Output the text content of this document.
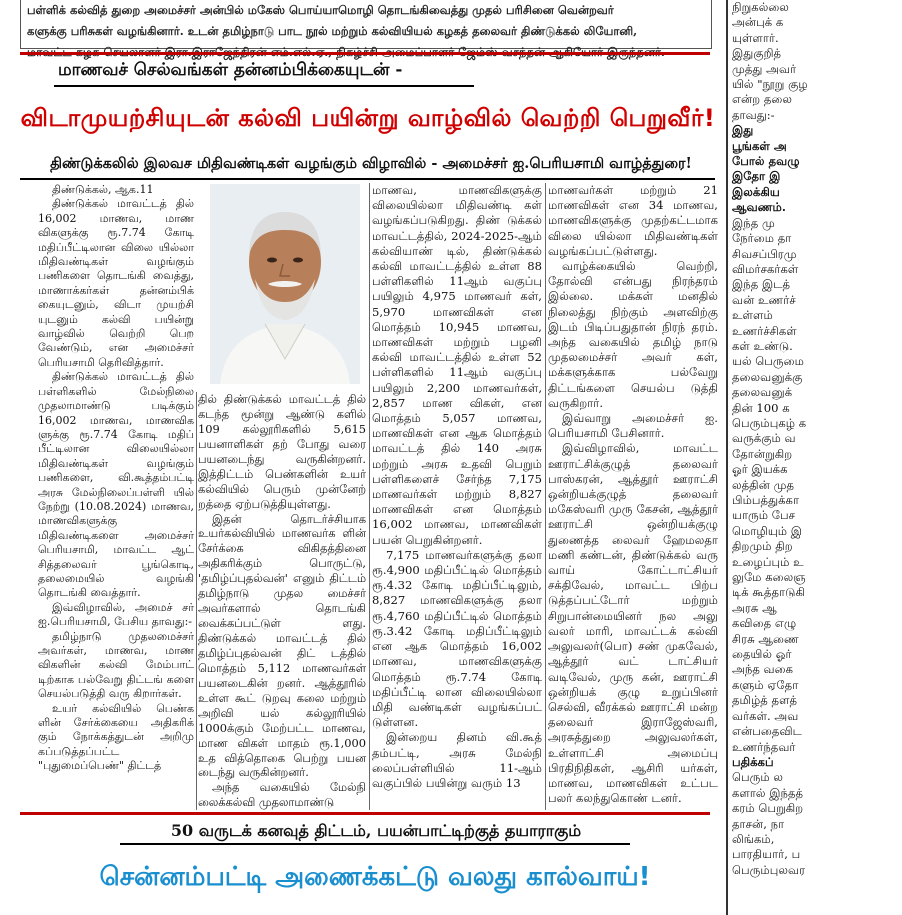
பள்ளிக் கல்வித் துறை அமைச்சர் அன்பில் மகேஸ் பொய்யாமொழி தொடங்கிவைத்து முதல் பரிசினை வென்றவர்

களுக்கு பரிசுகள் வழங்கினார். உடன் தமிழ்நாடு பாட நூல் மற்றும் கல்வியியல் கழகத் தலைவர் திண்டுக்கல் லியோனி,

மாணவச் செல்வங்கள் தன்னம்பிக்கையுடன் -
விடாமுயற்சியுடன் கல்வி பயின்று வாழ்வில் வெற்றி பெறுவீர்!
திண்டுக்கலில் இலவச மிதிவண்டிகள் வழங்கும் விழாவில் - அமைச்சர் ஐ.பெரியசாமி வாழ்த்துரை!

திண்டுக்கல், ஆக.11

திண்டுக்கல் மாவட்டத் தில் 16,002 மாணவ, மாண விகளுக்கு ரூ.7.74 கோடி மதிப்பீட்டிலான விலை யில்லா மிதிவண்டிகள் வழங்கும் பணிகளை தொடங்கி வைத்து, மாணாக்கர்கள் தன்னம்பிக் கையுடனும், விடா முயற்சி யுடனும் கல்வி பயின்று வாழ்வில் வெற்றி பெற வேண்டும், என அமைச்சர் பெரியசாமி தெரிவித்தார்.

திண்டுக்கல் மாவட்டத் தில் பள்ளிகளில் மேல்நிலை முதலாமாண்டு படிக்கும் 16,002 மாணவ, மாணவிக ளுக்கு ரூ.7.74 கோடி மதிப் பீட்டிலான விலையில்லா மிதிவண்டிகள் வழங்கும் பணிகளை, வி.கூத்தம்பட்டி அரசு மேல்நிலைப்பள்ளி யில் நேற்று (10.08.2024) மாணவ, மாணவிகளுக்கு மிதிவண்டிகளை அமைச்சர் பெரியசாமி, மாவட்ட ஆட் சித்தலைவர் பூங்கொடி, தலைமையில் வழங்கி தொடங்கி வைத்தார்.

இவ்விழாவில், அமைச் சர் ஐ.பெரியசாமி, பேசிய தாவது:-

தமிழ்நாடு முதலமைச்சர் அவர்கள், மாணவ, மாண விகளின் கல்வி மேம்பாட் டிற்காக பல்வேறு திட்டங் களை செயல்படுத்தி வரு கிறார்கள்.

உயர் கல்வியில் பெண்க ளின் சேர்க்கையை அதிகரிக் கும் நோக்கத்துடன் அறிமு கப்படுத்தப்பட்ட "புதுமைப்பெண்" திட்டத்

தில் திண்டுக்கல் மாவட்டத் தில் கடந்த மூன்று ஆண்டு களில் 109 கல்லூரிகளில் 5,615 பயனாளிகள் தற் போது வரை பயனடைந்து வருகின்றனர். இத்திட்டம் பெண்களின் உயர் கல்வியில் பெரும் முன்னேற் றத்தை ஏற்படுத்தியுள்ளது.

இதன் தொடர்ச்சியாக உயர்கல்வியில் மாணவர்க ளின் சேர்க்கை விகிதத்தினை அதிகரிக்கும் பொருட்டு, 'தமிழ்ப்புதல்வன்' எனும் திட்டம் தமிழ்நாடு முதல மைச்சர் அவர்களால் தொடங்கி வைக்கப்பட்டுள் ளது. திண்டுக்கல் மாவட்டத் தில் தமிழ்ப்புதல்வன் திட் டத்தில் மொத்தம் 5,112 மாணவர்கள் பயனடைகின் றனர். ஆத்தூரில் உள்ள கூட் டுறவு கலை மற்றும் அறிவி யல் கல்லூரியில் 1000க்கும் மேற்பட்ட மாணவ, மாண விகள் மாதம் ரூ.1,000 உத வித்தொகை பெற்று பயன டைந்து வருகின்றனர்.

அந்த வகையில் மேல்நி லைக்கல்வி முதலாமாண்டு

மாணவ, மாணவிகளுக்கு விலையில்லா மிதிவண்டி கள் வழங்கப்படுகிறது. திண் டுக்கல் மாவட்டத்தில், 2024-2025-ஆம் கல்வியாண் டில், திண்டுக்கல் கல்வி மாவட்டத்தில் உள்ள 88 பள்ளிகளில் 11ஆம் வகுப்பு பயிலும் 4,975 மாணவர் கள், 5,970 மாணவிகள் என மொத்தம் 10,945 மாணவ, மாணவிகள் மற்றும் பழனி கல்வி மாவட்டத்தில் உள்ள 52 பள்ளிகளில் 11ஆம் வகுப்பு பயிலும் 2,200 மாணவர்கள், 2,857 மாண விகள், என மொத்தம் 5,057 மாணவ, மாணவிகள் என ஆக மொத்தம் மாவட்டத் தில் 140 அரசு மற்றும் அரசு உதவி பெறும் பள்ளிகளைச் சேர்ந்த 7,175 மாணவர்கள் மற்றும் 8,827 மாணவிகள் என மொத்தம் 16,002 மாணவ, மாணவிகள் பயன் பெறுகின்றனர்.

7,175 மாணவர்களுக்கு தலா ரூ.4,900 மதிப்பீட்டில் மொத்தம் ரூ.4.32 கோடி மதிப்பீட்டிலும், 8,827 மாணவிகளுக்கு தலா ரூ.4,760 மதிப்பீட்டில் மொத்தம் ரூ.3.42 கோடி மதிப்பீட்டிலும் என ஆக மொத்தம் 16,002 மாணவ, மாணவிகளுக்கு மொத்தம் ரூ.7.74 கோடி மதிப்பீட்டி லான விலையில்லா மிதி வண்டிகள் வழங்கப்பட் டுள்ளன.

இன்றைய தினம் வி.கூத் தம்பட்டி, அரசு மேல்நி லைப்பள்ளியில் 11-ஆம் வகுப்பில் பயின்று வரும் 13

மாணவர்கள் மற்றும் 21 மாணவிகள் என 34 மாணவ, மாணவிகளுக்கு முதற்கட்டமாக விலை யில்லா மிதிவண்டிகள் வழங்கப்பட்டுள்ளது.

வாழ்க்கையில் வெற்றி, தோல்வி என்பது நிரந்தரம் இல்லை. மக்கள் மனதில் நிலைத்து நிற்கும் அளவிற்கு இடம் பிடிப்பதுதான் நிரந் தரம். அந்த வகையில் தமிழ் நாடு முதலமைச்சர் அவர் கள், மக்களுக்காக பல்வேறு திட்டங்களை செயல்ப டுத்தி வருகிறார்.

இவ்வாறு அமைச்சர் ஐ. பெரியசாமி பேசினார்.

இவ்விழாவில், மாவட்ட ஊராட்சிக்குழுத் தலைவர் பாஸ்கரன், ஆத்தூர் ஊராட்சி ஒன்றியக்குழுத் தலைவர் மகேஸ்வரி முரு கேசன், ஆத்தூர் ஊராட்சி ஒன்றியக்குழு துணைத்த லைவர் ஹேமலதா மணி கண்டன், திண்டுக்கல் வரு வாய் கோட்டாட்சியர் சக்திவேல், மாவட்ட பிற்ப டுத்தப்பட்டோர் மற்றும் சிறுபான்மையினர் நல அலு வலர் மாரி, மாவட்டக் கல்வி அலுவலர்(பொ) சண் முகவேல், ஆத்தூர் வட் டாட்சியர் வடிவேல், முரு கன், ஊராட்சி ஒன்றியக் குழு உறுப்பினர் செல்வி, வீரக்கல் ஊராட்சி மன்ற தலைவர் இராஜேஸ்வரி, அரசுத்துறை அலுவலர்கள், உள்ளாட்சி அமைப்பு பிரதிநிதிகள், ஆசிரி யர்கள், மாணவ, மாணவிகள் உட்பட பலர் கலந்துகொண் டனர்.

50 வருடக் கனவுத் திட்டம், பயன்பாட்டிற்குத் தயாராகும்
சென்னம்பட்டி அணைக்கட்டு வலது கால்வாய்!

நிறுகல்லை

அன்புக் க

யுள்ளார்.

இதுகுறித்

முத்து அவர்

யில் "நூறு குழ

என்ற தலை

தாவது:-

இது

பூங்கள் அ

போல் தவழு

இதோ இ

இலக்கிய

ஆவணம்.

இந்த மு

நேர்மை தா

சிவசப்பிரமு

விமர்சகர்கள்

இந்த இடத்

வன் உணர்ச்

உள்ளம்

உணர்ச்சிகள்

கள் உண்டு.

யல் பெருமை

தலைவனுக்கு

தலைவனுக்

தின் 100 க

பெரும்புகழ் க

வருக்கும் வ

தோன்றுகிற

ஓர் இயக்க

லத்தின் முத

பிம்பத்துக்கா

யாரும் பேச

மொழியும் இ

திறமும் திற

உழைப்பும் உ

லுமே கலைஞ

டிக் கூத்தாடுகி

அரசு ஆ

கவிதை எழு

சிரசு ஆணை

தையில் ஓர்

அந்த வகை

களும் ஏதோ

தமிழ்த் தளத்

வர்கள். அவ

என்பதைவிட

உணர்ந்தவர்

பதிக்கப்

பெரும் ல

களால் இந்தத்

கரம் பெறுகிற

தாசன், நா

லிங்கம்,

பாரதியார், ப

பெரும்புலவர
